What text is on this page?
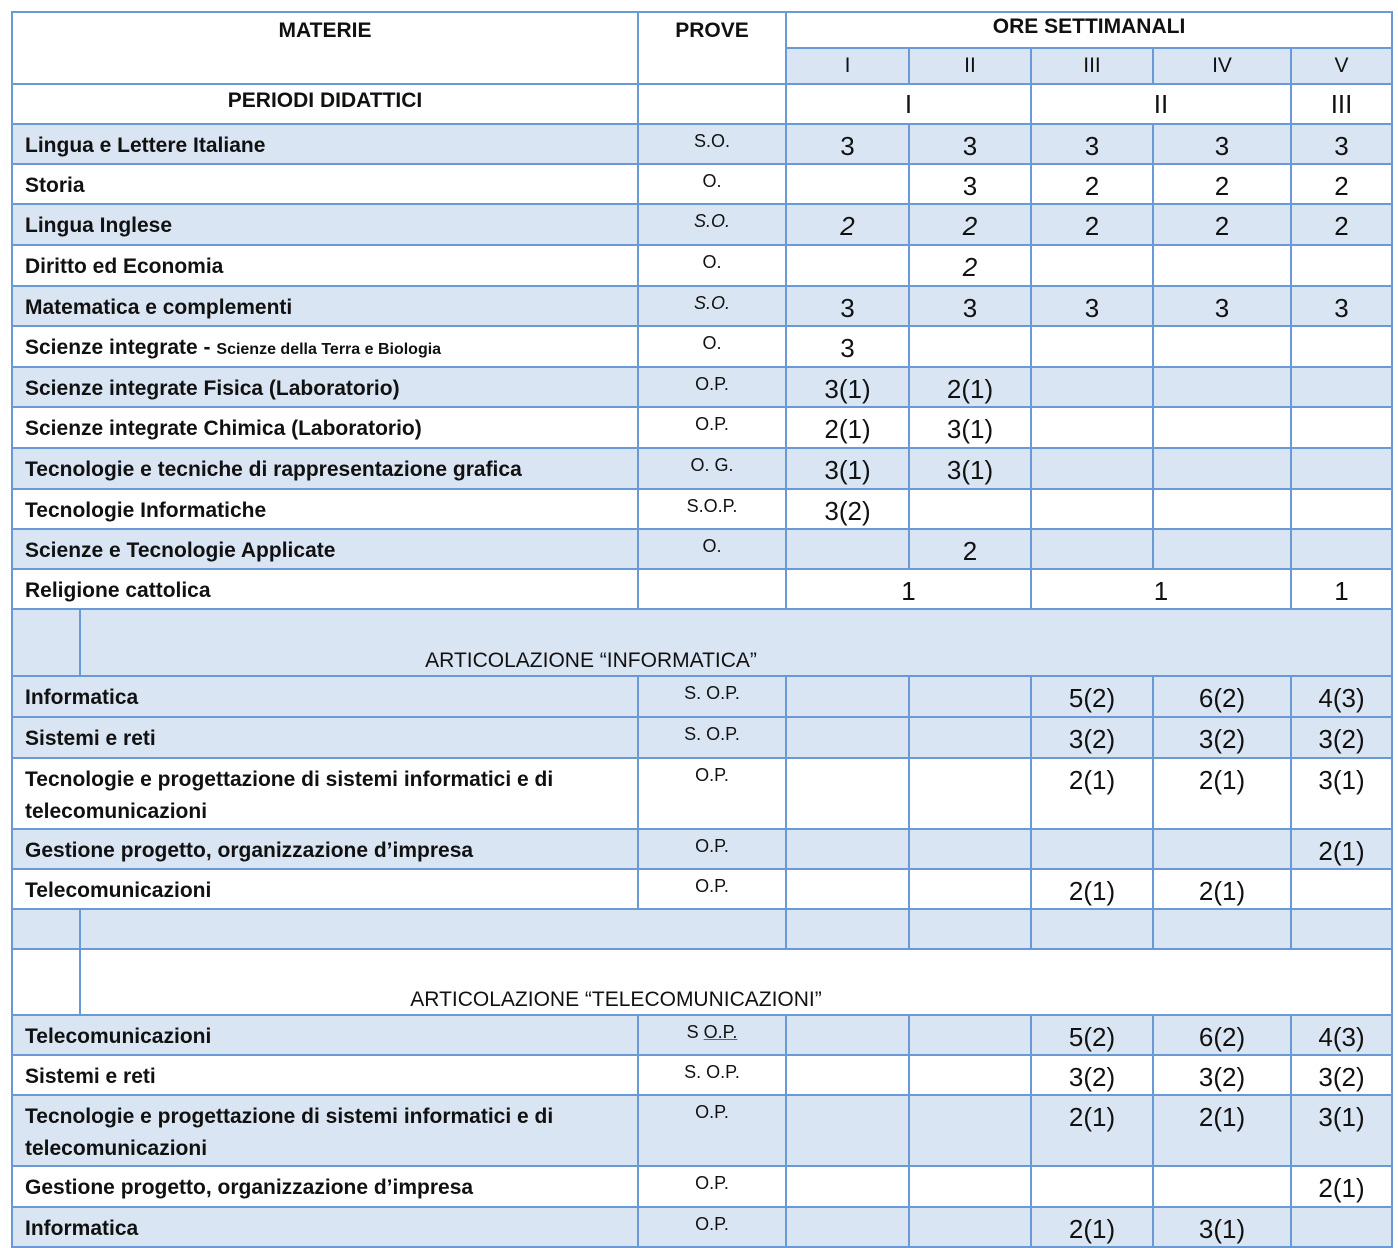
MATERIE		PROVE	ORE SETTIMANALI				
			I	II	III	IV	V
PERIODI DIDATTICI			I		II		III
Lingua e Lettere Italiane		S.O.	3	3	3	3	3
Storia		O.		3	2	2	2
Lingua Inglese		S.O.	2	2	2	2	2
Diritto ed Economia		O.		2			
Matematica e complementi		S.O.	3	3	3	3	3
Scienze integrate - Scienze della Terra e Biologia		O.	3				
Scienze integrate Fisica (Laboratorio)		O.P.	3(1)	2(1)			
Scienze integrate Chimica (Laboratorio)		O.P.	2(1)	3(1)			
Tecnologie e tecniche di rappresentazione grafica		O. G.	3(1)	3(1)			
Tecnologie Informatiche		S.O.P.	3(2)				
Scienze e Tecnologie Applicate		O.		2			
Religione cattolica			1		1		1
	ARTICOLAZIONE “INFORMATICA”						
Informatica		S. O.P.			5(2)	6(2)	4(3)
Sistemi e reti		S. O.P.			3(2)	3(2)	3(2)
Tecnologie e progettazione di sistemi informatici e di telecomunicazioni		O.P.			2(1)	2(1)	3(1)
Gestione progetto, organizzazione d’impresa		O.P.					2(1)
Telecomunicazioni		O.P.			2(1)	2(1)	

	ARTICOLAZIONE “TELECOMUNICAZIONI”						
Telecomunicazioni		S O.P.			5(2)	6(2)	4(3)
Sistemi e reti		S. O.P.			3(2)	3(2)	3(2)
Tecnologie e progettazione di sistemi informatici e di telecomunicazioni		O.P.			2(1)	2(1)	3(1)
Gestione progetto, organizzazione d’impresa		O.P.					2(1)
Informatica		O.P.			2(1)	3(1)	
